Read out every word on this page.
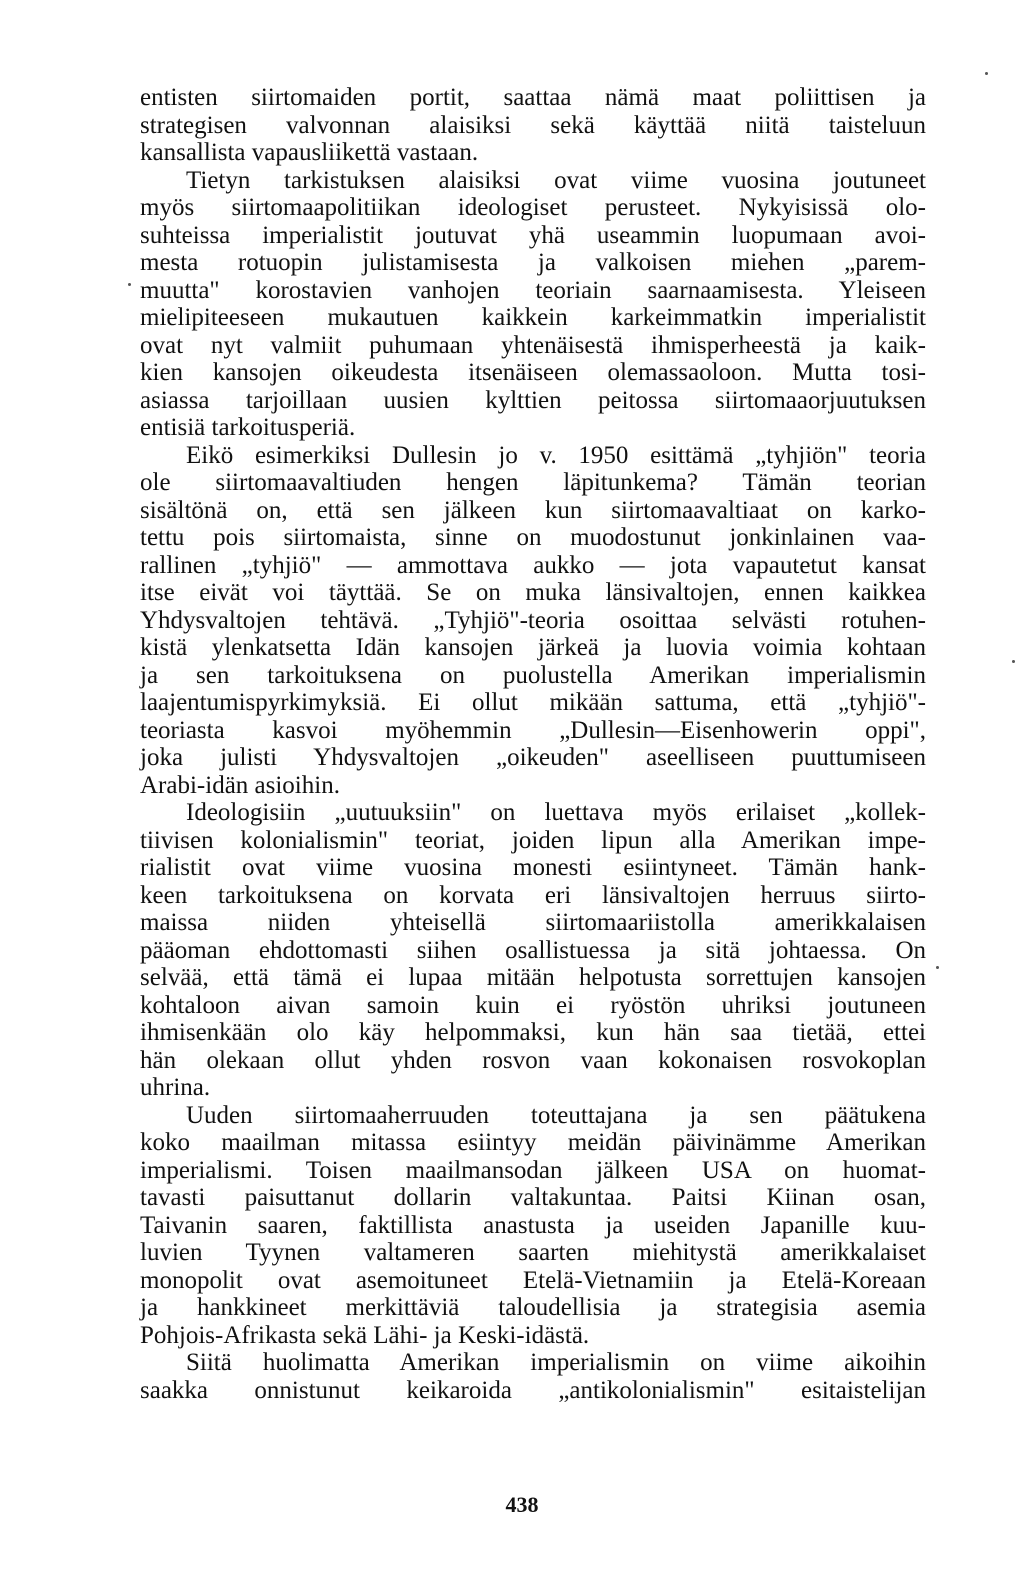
entisten siirtomaiden portit, saattaa nämä maat poliittisen ja
strategisen valvonnan alaisiksi sekä käyttää niitä taisteluun
kansallista vapausliikettä vastaan.
Tietyn tarkistuksen alaisiksi ovat viime vuosina joutuneet
myös siirtomaapolitiikan ideologiset perusteet. Nykyisissä olo-
suhteissa imperialistit joutuvat yhä useammin luopumaan avoi-
mesta rotuopin julistamisesta ja valkoisen miehen „parem-
muutta" korostavien vanhojen teoriain saarnaamisesta. Yleiseen
mielipiteeseen mukautuen kaikkein karkeimmatkin imperialistit
ovat nyt valmiit puhumaan yhtenäisestä ihmisperheestä ja kaik-
kien kansojen oikeudesta itsenäiseen olemassaoloon. Mutta tosi-
asiassa tarjoillaan uusien kylttien peitossa siirtomaaorjuutuksen
entisiä tarkoitusperiä.
Eikö esimerkiksi Dullesin jo v. 1950 esittämä „tyhjiön" teoria
ole siirtomaavaltiuden hengen läpitunkema? Tämän teorian
sisältönä on, että sen jälkeen kun siirtomaavaltiaat on karko-
tettu pois siirtomaista, sinne on muodostunut jonkinlainen vaa-
rallinen „tyhjiö" — ammottava aukko — jota vapautetut kansat
itse eivät voi täyttää. Se on muka länsivaltojen, ennen kaikkea
Yhdysvaltojen tehtävä. „Tyhjiö"-teoria osoittaa selvästi rotuhen-
kistä ylenkatsetta Idän kansojen järkeä ja luovia voimia kohtaan
ja sen tarkoituksena on puolustella Amerikan imperialismin
laajentumispyrkimyksiä. Ei ollut mikään sattuma, että „tyhjiö"-
teoriasta kasvoi myöhemmin „Dullesin—Eisenhowerin oppi",
joka julisti Yhdysvaltojen „oikeuden" aseelliseen puuttumiseen
Arabi-idän asioihin.
Ideologisiin „uutuuksiin" on luettava myös erilaiset „kollek-
tiivisen kolonialismin" teoriat, joiden lipun alla Amerikan impe-
rialistit ovat viime vuosina monesti esiintyneet. Tämän hank-
keen tarkoituksena on korvata eri länsivaltojen herruus siirto-
maissa niiden yhteisellä siirtomaariistolla amerikkalaisen
pääoman ehdottomasti siihen osallistuessa ja sitä johtaessa. On
selvää, että tämä ei lupaa mitään helpotusta sorrettujen kansojen
kohtaloon aivan samoin kuin ei ryöstön uhriksi joutuneen
ihmisenkään olo käy helpommaksi, kun hän saa tietää, ettei
hän olekaan ollut yhden rosvon vaan kokonaisen rosvokoplan
uhrina.
Uuden siirtomaaherruuden toteuttajana ja sen päätukena
koko maailman mitassa esiintyy meidän päivinämme Amerikan
imperialismi. Toisen maailmansodan jälkeen USA on huomat-
tavasti paisuttanut dollarin valtakuntaa. Paitsi Kiinan osan,
Taivanin saaren, faktillista anastusta ja useiden Japanille kuu-
luvien Tyynen valtameren saarten miehitystä amerikkalaiset
monopolit ovat asemoituneet Etelä-Vietnamiin ja Etelä-Koreaan
ja hankkineet merkittäviä taloudellisia ja strategisia asemia
Pohjois-Afrikasta sekä Lähi- ja Keski-idästä.
Siitä huolimatta Amerikan imperialismin on viime aikoihin
saakka onnistunut keikaroida „antikolonialismin" esitaistelijan
438
